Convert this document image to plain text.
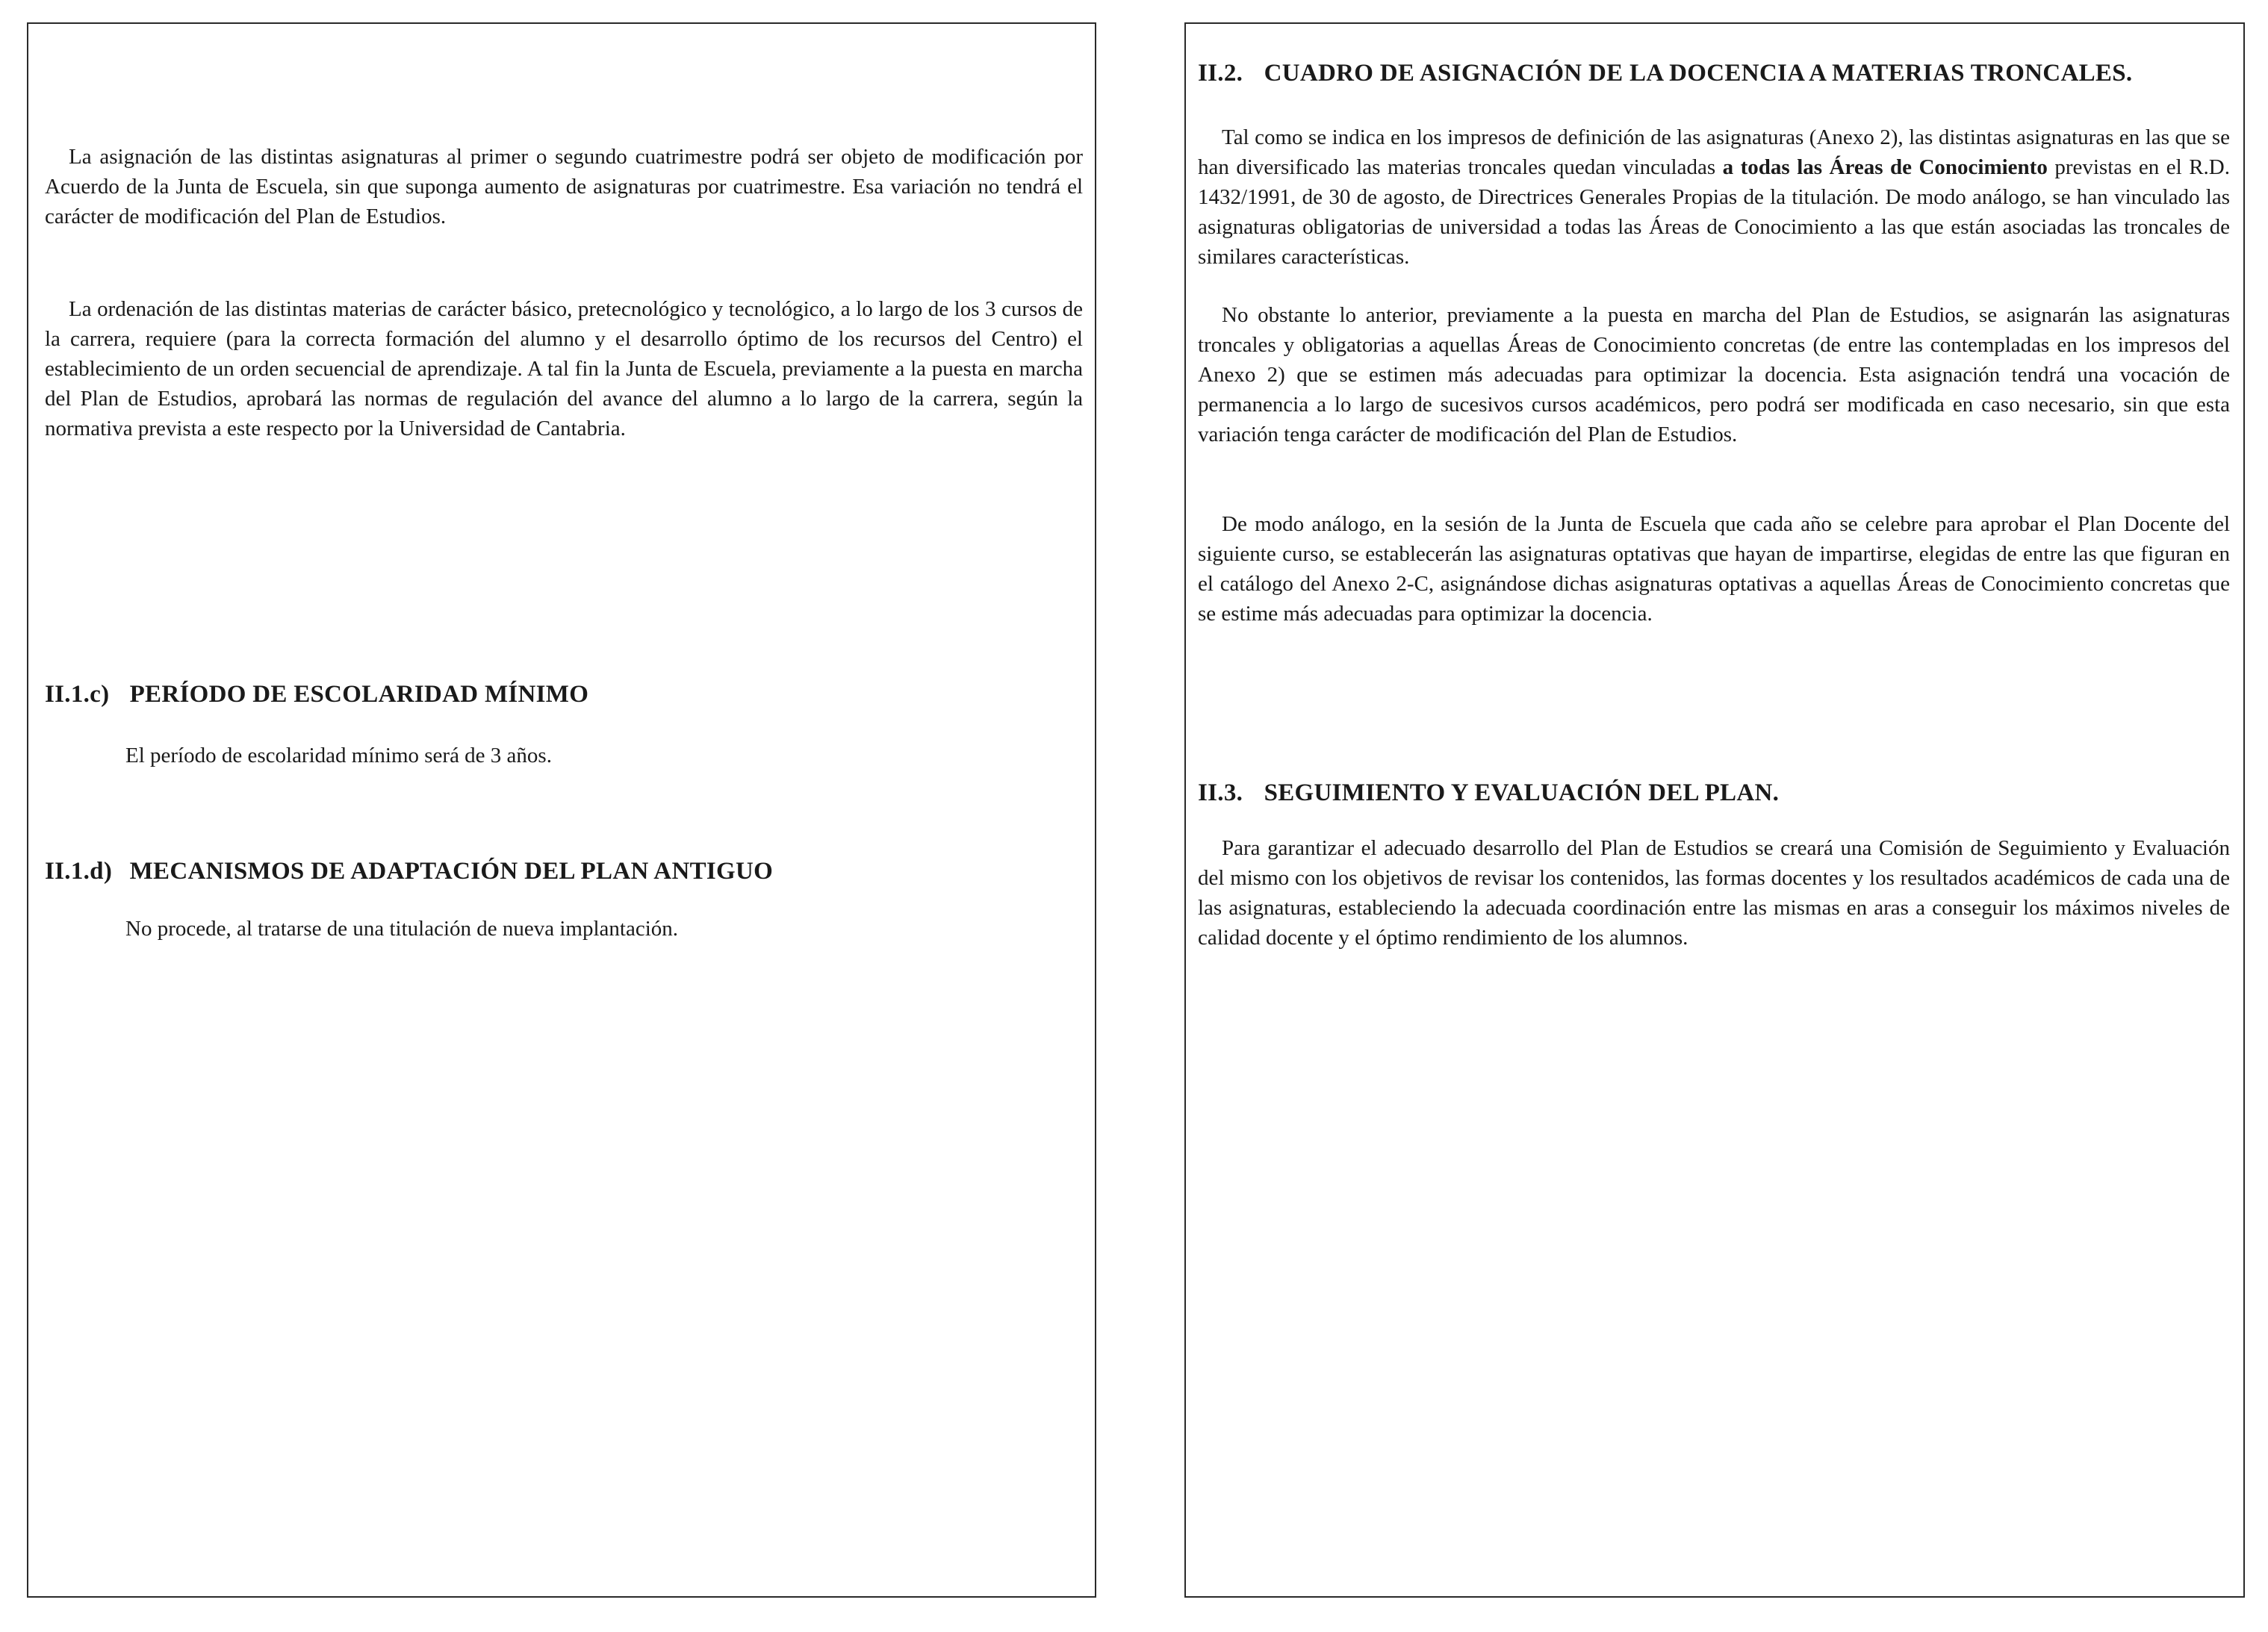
La asignación de las distintas asignaturas al primer o segundo cuatrimestre podrá ser objeto de modificación por Acuerdo de la Junta de Escuela, sin que suponga aumento de asignaturas por cuatrimestre. Esa variación no tendrá el carácter de modificación del Plan de Estudios.

La ordenación de las distintas materias de carácter básico, pretecnológico y tecnológico, a lo largo de los 3 cursos de la carrera, requiere (para la correcta formación del alumno y el desarrollo óptimo de los recursos del Centro) el establecimiento de un orden secuencial de aprendizaje. A tal fin la Junta de Escuela, previamente a la puesta en marcha del Plan de Estudios, aprobará las normas de regulación del avance del alumno a lo largo de la carrera, según la normativa prevista a este respecto por la Universidad de Cantabria.

II.1.c) PERÍODO DE ESCOLARIDAD MÍNIMO
El período de escolaridad mínimo será de 3 años.
II.1.d) MECANISMOS DE ADAPTACIÓN DEL PLAN ANTIGUO
No procede, al tratarse de una titulación de nueva implantación.
II.2. CUADRO DE ASIGNACIÓN DE LA DOCENCIA A MATERIAS TRONCALES.

Tal como se indica en los impresos de definición de las asignaturas (Anexo 2), las distintas asignaturas en las que se han diversificado las materias troncales quedan vinculadas a todas las Áreas de Conocimiento previstas en el R.D. 1432/1991, de 30 de agosto, de Directrices Generales Propias de la titulación. De modo análogo, se han vinculado las asignaturas obligatorias de universidad a todas las Áreas de Conocimiento a las que están asociadas las troncales de similares características.

No obstante lo anterior, previamente a la puesta en marcha del Plan de Estudios, se asignarán las asignaturas troncales y obligatorias a aquellas Áreas de Conocimiento concretas (de entre las contempladas en los impresos del Anexo 2) que se estimen más adecuadas para optimizar la docencia. Esta asignación tendrá una vocación de permanencia a lo largo de sucesivos cursos académicos, pero podrá ser modificada en caso necesario, sin que esta variación tenga carácter de modificación del Plan de Estudios.

De modo análogo, en la sesión de la Junta de Escuela que cada año se celebre para aprobar el Plan Docente del siguiente curso, se establecerán las asignaturas optativas que hayan de impartirse, elegidas de entre las que figuran en el catálogo del Anexo 2-C, asignándose dichas asignaturas optativas a aquellas Áreas de Conocimiento concretas que se estime más adecuadas para optimizar la docencia.

II.3. SEGUIMIENTO Y EVALUACIÓN DEL PLAN.

Para garantizar el adecuado desarrollo del Plan de Estudios se creará una Comisión de Seguimiento y Evaluación del mismo con los objetivos de revisar los contenidos, las formas docentes y los resultados académicos de cada una de las asignaturas, estableciendo la adecuada coordinación entre las mismas en aras a conseguir los máximos niveles de calidad docente y el óptimo rendimiento de los alumnos.
